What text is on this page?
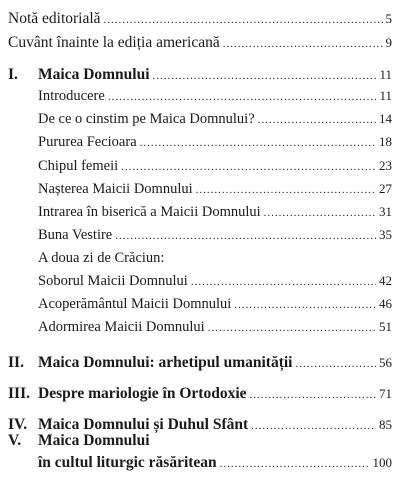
Notă editorială .....	5
Cuvânt înainte la ediția americană .....	9
I. Maica Domnului .....	11
Introducere .....	11
De ce o cinstim pe Maica Domnului? .....	14
Pururea Fecioara .....	18
Chipul femeii .....	23
Nașterea Maicii Domnului .....	27
Intrarea în biserică a Maicii Domnului .....	31
Buna Vestire .....	35
A doua zi de Crăciun:
Soborul Maicii Domnului .....	42
Acoperământul Maicii Domnului .....	46
Adormirea Maicii Domnului .....	51
II. Maica Domnului: arhetipul umanității .....	56
III. Despre mariologie în Ortodoxie .....	71
IV. Maica Domnului și Duhul Sfânt .....	85
V. Maica Domnului
în cultul liturgic răsăritean .....	100
